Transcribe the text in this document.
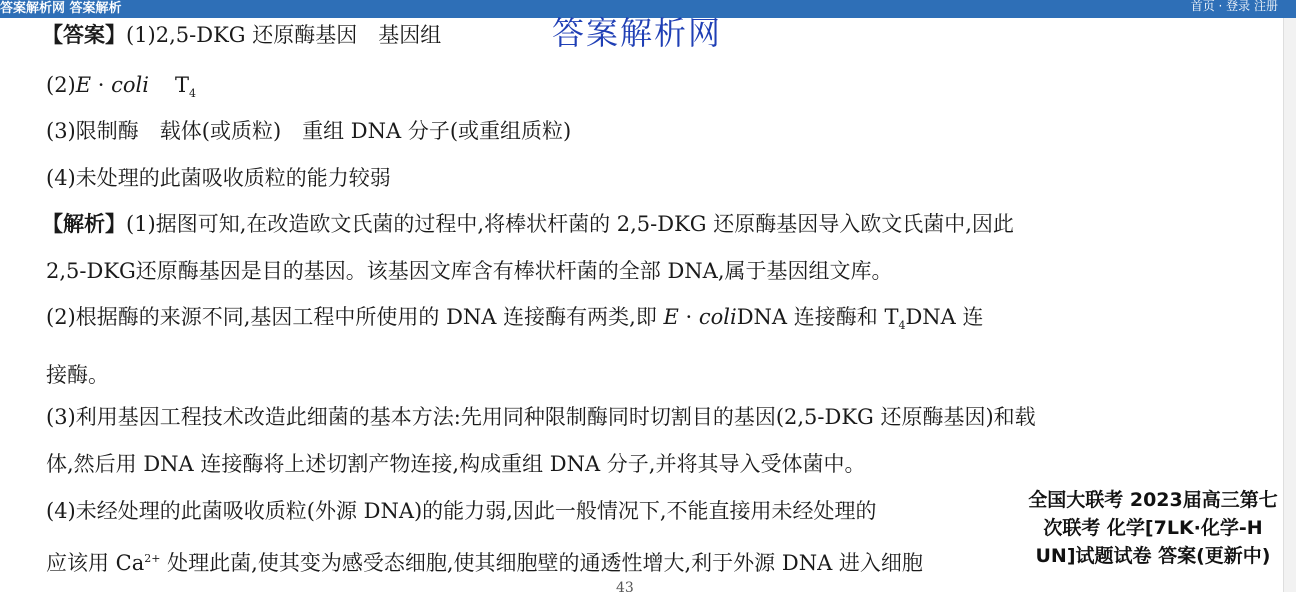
答案解析网 答案解析	首页 · 登录 注册
答案解析网
【答案】(1)2,5-DKG 还原酶基因　基因组
(2)E · coli $T_4$
(3)限制酶　载体(或质粒)　重组 DNA 分子(或重组质粒)
(4)未处理的此菌吸收质粒的能力较弱
【解析】(1)据图可知,在改造欧文氏菌的过程中,将棒状杆菌的 2,5-DKG 还原酶基因导入欧文氏菌中,因此
2,5-DKG还原酶基因是目的基因。该基因文库含有棒状杆菌的全部 DNA,属于基因组文库。
(2)根据酶的来源不同,基因工程中所使用的 DNA 连接酶有两类,即 E · coliDNA 连接酶和 $T_4DNA$ 连
接酶。
(3)利用基因工程技术改造此细菌的基本方法:先用同种限制酶同时切割目的基因(2,5-DKG 还原酶基因)和载
体,然后用 DNA 连接酶将上述切割产物连接,构成重组 DNA 分子,并将其导入受体菌中。
(4)未经处理的此菌吸收质粒(外源 DNA)的能力弱,因此一般情况下,不能直接用未经处理的
应该用 $Ca^{2+}$ 处理此菌,使其变为感受态细胞,使其细胞壁的通透性增大,利于外源 DNA 进入细胞
全国大联考 2023届高三第七
次联考 化学[7LK·化学-H
UN]试题试卷 答案(更新中)
43
